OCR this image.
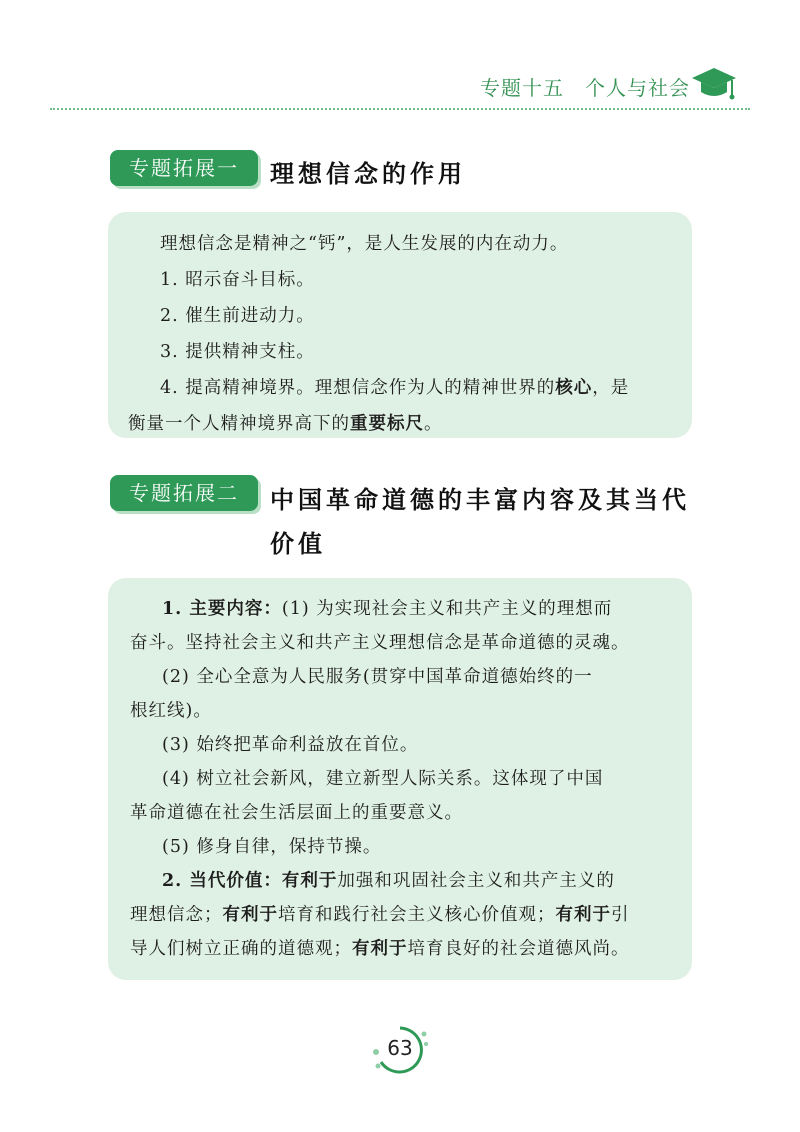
专题十五　个人与社会
专题拓展一	理想信念的作用

理想信念是精神之“钙”，是人生发展的内在动力。

1. 昭示奋斗目标。

2. 催生前进动力。

3. 提供精神支柱。

4. 提高精神境界。理想信念作为人的精神世界的核心，是

衡量一个人精神境界高下的重要标尺。

专题拓展二	中国革命道德的丰富内容及其当代
价值

1. 主要内容：(1) 为实现社会主义和共产主义的理想而

奋斗。坚持社会主义和共产主义理想信念是革命道德的灵魂。

(2) 全心全意为人民服务(贯穿中国革命道德始终的一

根红线)。

(3) 始终把革命利益放在首位。

(4) 树立社会新风，建立新型人际关系。这体现了中国

革命道德在社会生活层面上的重要意义。

(5) 修身自律，保持节操。

2. 当代价值：有利于加强和巩固社会主义和共产主义的

理想信念；有利于培育和践行社会主义核心价值观；有利于引

导人们树立正确的道德观；有利于培育良好的社会道德风尚。

63
